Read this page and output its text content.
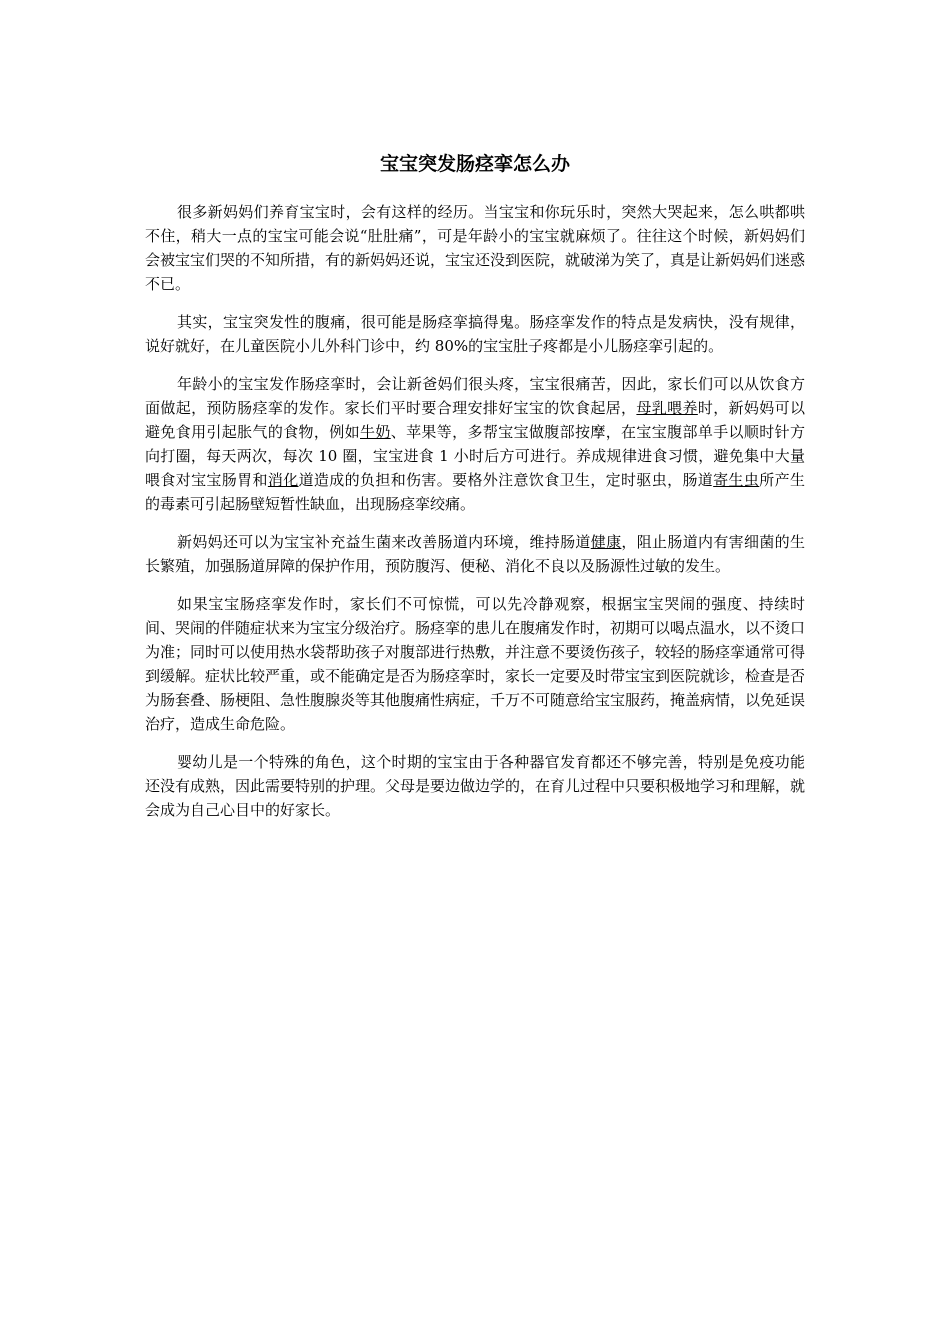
宝宝突发肠痉挛怎么办

很多新妈妈们养育宝宝时，会有这样的经历。当宝宝和你玩乐时，突然大哭起来，怎么哄都哄不住，稍大一点的宝宝可能会说“肚肚痛”，可是年龄小的宝宝就麻烦了。往往这个时候，新妈妈们会被宝宝们哭的不知所措，有的新妈妈还说，宝宝还没到医院，就破涕为笑了，真是让新妈妈们迷惑不已。

其实，宝宝突发性的腹痛，很可能是肠痉挛搞得鬼。肠痉挛发作的特点是发病快，没有规律，说好就好，在儿童医院小儿外科门诊中，约 80%的宝宝肚子疼都是小儿肠痉挛引起的。

年龄小的宝宝发作肠痉挛时，会让新爸妈们很头疼，宝宝很痛苦，因此，家长们可以从饮食方面做起，预防肠痉挛的发作。家长们平时要合理安排好宝宝的饮食起居，母乳喂养时，新妈妈可以避免食用引起胀气的食物，例如牛奶、苹果等，多帮宝宝做腹部按摩，在宝宝腹部单手以顺时针方向打圈，每天两次，每次 10 圈，宝宝进食 1 小时后方可进行。养成规律进食习惯，避免集中大量喂食对宝宝肠胃和消化道造成的负担和伤害。要格外注意饮食卫生，定时驱虫，肠道寄生虫所产生的毒素可引起肠壁短暂性缺血，出现肠痉挛绞痛。

新妈妈还可以为宝宝补充益生菌来改善肠道内环境，维持肠道健康，阻止肠道内有害细菌的生长繁殖，加强肠道屏障的保护作用，预防腹泻、便秘、消化不良以及肠源性过敏的发生。

如果宝宝肠痉挛发作时，家长们不可惊慌，可以先冷静观察，根据宝宝哭闹的强度、持续时间、哭闹的伴随症状来为宝宝分级治疗。肠痉挛的患儿在腹痛发作时，初期可以喝点温水，以不烫口为准；同时可以使用热水袋帮助孩子对腹部进行热敷，并注意不要烫伤孩子，较轻的肠痉挛通常可得到缓解。症状比较严重，或不能确定是否为肠痉挛时，家长一定要及时带宝宝到医院就诊，检查是否为肠套叠、肠梗阻、急性腹腺炎等其他腹痛性病症，千万不可随意给宝宝服药，掩盖病情，以免延误治疗，造成生命危险。

婴幼儿是一个特殊的角色，这个时期的宝宝由于各种器官发育都还不够完善，特别是免疫功能还没有成熟，因此需要特别的护理。父母是要边做边学的，在育儿过程中只要积极地学习和理解，就会成为自己心目中的好家长。
